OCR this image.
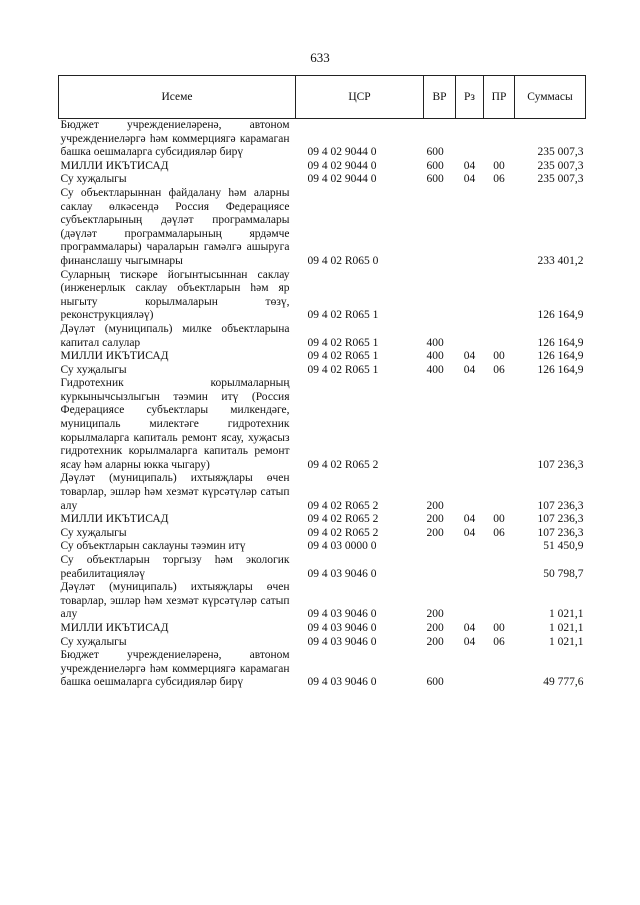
633
Исеме	ЦСР	ВР	Рз	ПР	Суммасы
Бюджет учреждениеләренә, автоном учреждениеләргә һәм коммерциягә карамаган башка оешмаларга субсидияләр бирү	09 4 02 9044 0	600			235 007,3
МИЛЛИ ИКЪТИСАД	09 4 02 9044 0	600	04	00	235 007,3
Су хуҗалыгы	09 4 02 9044 0	600	04	06	235 007,3
Су объектларыннан файдалану һәм аларны саклау өлкәсендә Россия Федерациясе субъектларының дәүләт программалары (дәүләт программаларының ярдәмче программалары) чараларын гамәлгә ашыруга финанслашу чыгымнары	09 4 02 R065 0				233 401,2
Суларның тискәре йогынтысыннан саклау (инженерлык саклау объектларын һәм яр ныгыту корылмаларын төзү, реконструкцияләү)	09 4 02 R065 1				126 164,9
Дәүләт (муниципаль) милке объектларына капитал салулар	09 4 02 R065 1	400			126 164,9
МИЛЛИ ИКЪТИСАД	09 4 02 R065 1	400	04	00	126 164,9
Су хуҗалыгы	09 4 02 R065 1	400	04	06	126 164,9
Гидротехник корылмаларның куркынычсызлыгын тәэмин итү (Россия Федерациясе субъектлары милкендәге, муниципаль милектәге гидротехник корылмаларга капиталь ремонт ясау, хуҗасыз гидротехник корылмаларга капиталь ремонт ясау һәм аларны юкка чыгару)	09 4 02 R065 2				107 236,3
Дәүләт (муниципаль) ихтыяҗлары өчен товарлар, эшләр һәм хезмәт күрсәтүләр сатып алу	09 4 02 R065 2	200			107 236,3
МИЛЛИ ИКЪТИСАД	09 4 02 R065 2	200	04	00	107 236,3
Су хуҗалыгы	09 4 02 R065 2	200	04	06	107 236,3
Су объектларын саклауны тәэмин итү	09 4 03 0000 0				51 450,9
Су объектларын торгызу һәм экологик реабилитацияләү	09 4 03 9046 0				50 798,7
Дәүләт (муниципаль) ихтыяҗлары өчен товарлар, эшләр һәм хезмәт күрсәтүләр сатып алу	09 4 03 9046 0	200			1 021,1
МИЛЛИ ИКЪТИСАД	09 4 03 9046 0	200	04	00	1 021,1
Су хуҗалыгы	09 4 03 9046 0	200	04	06	1 021,1
Бюджет учреждениеләренә, автоном учреждениеләргә һәм коммерциягә карамаган башка оешмаларга субсидияләр бирү	09 4 03 9046 0	600			49 777,6
